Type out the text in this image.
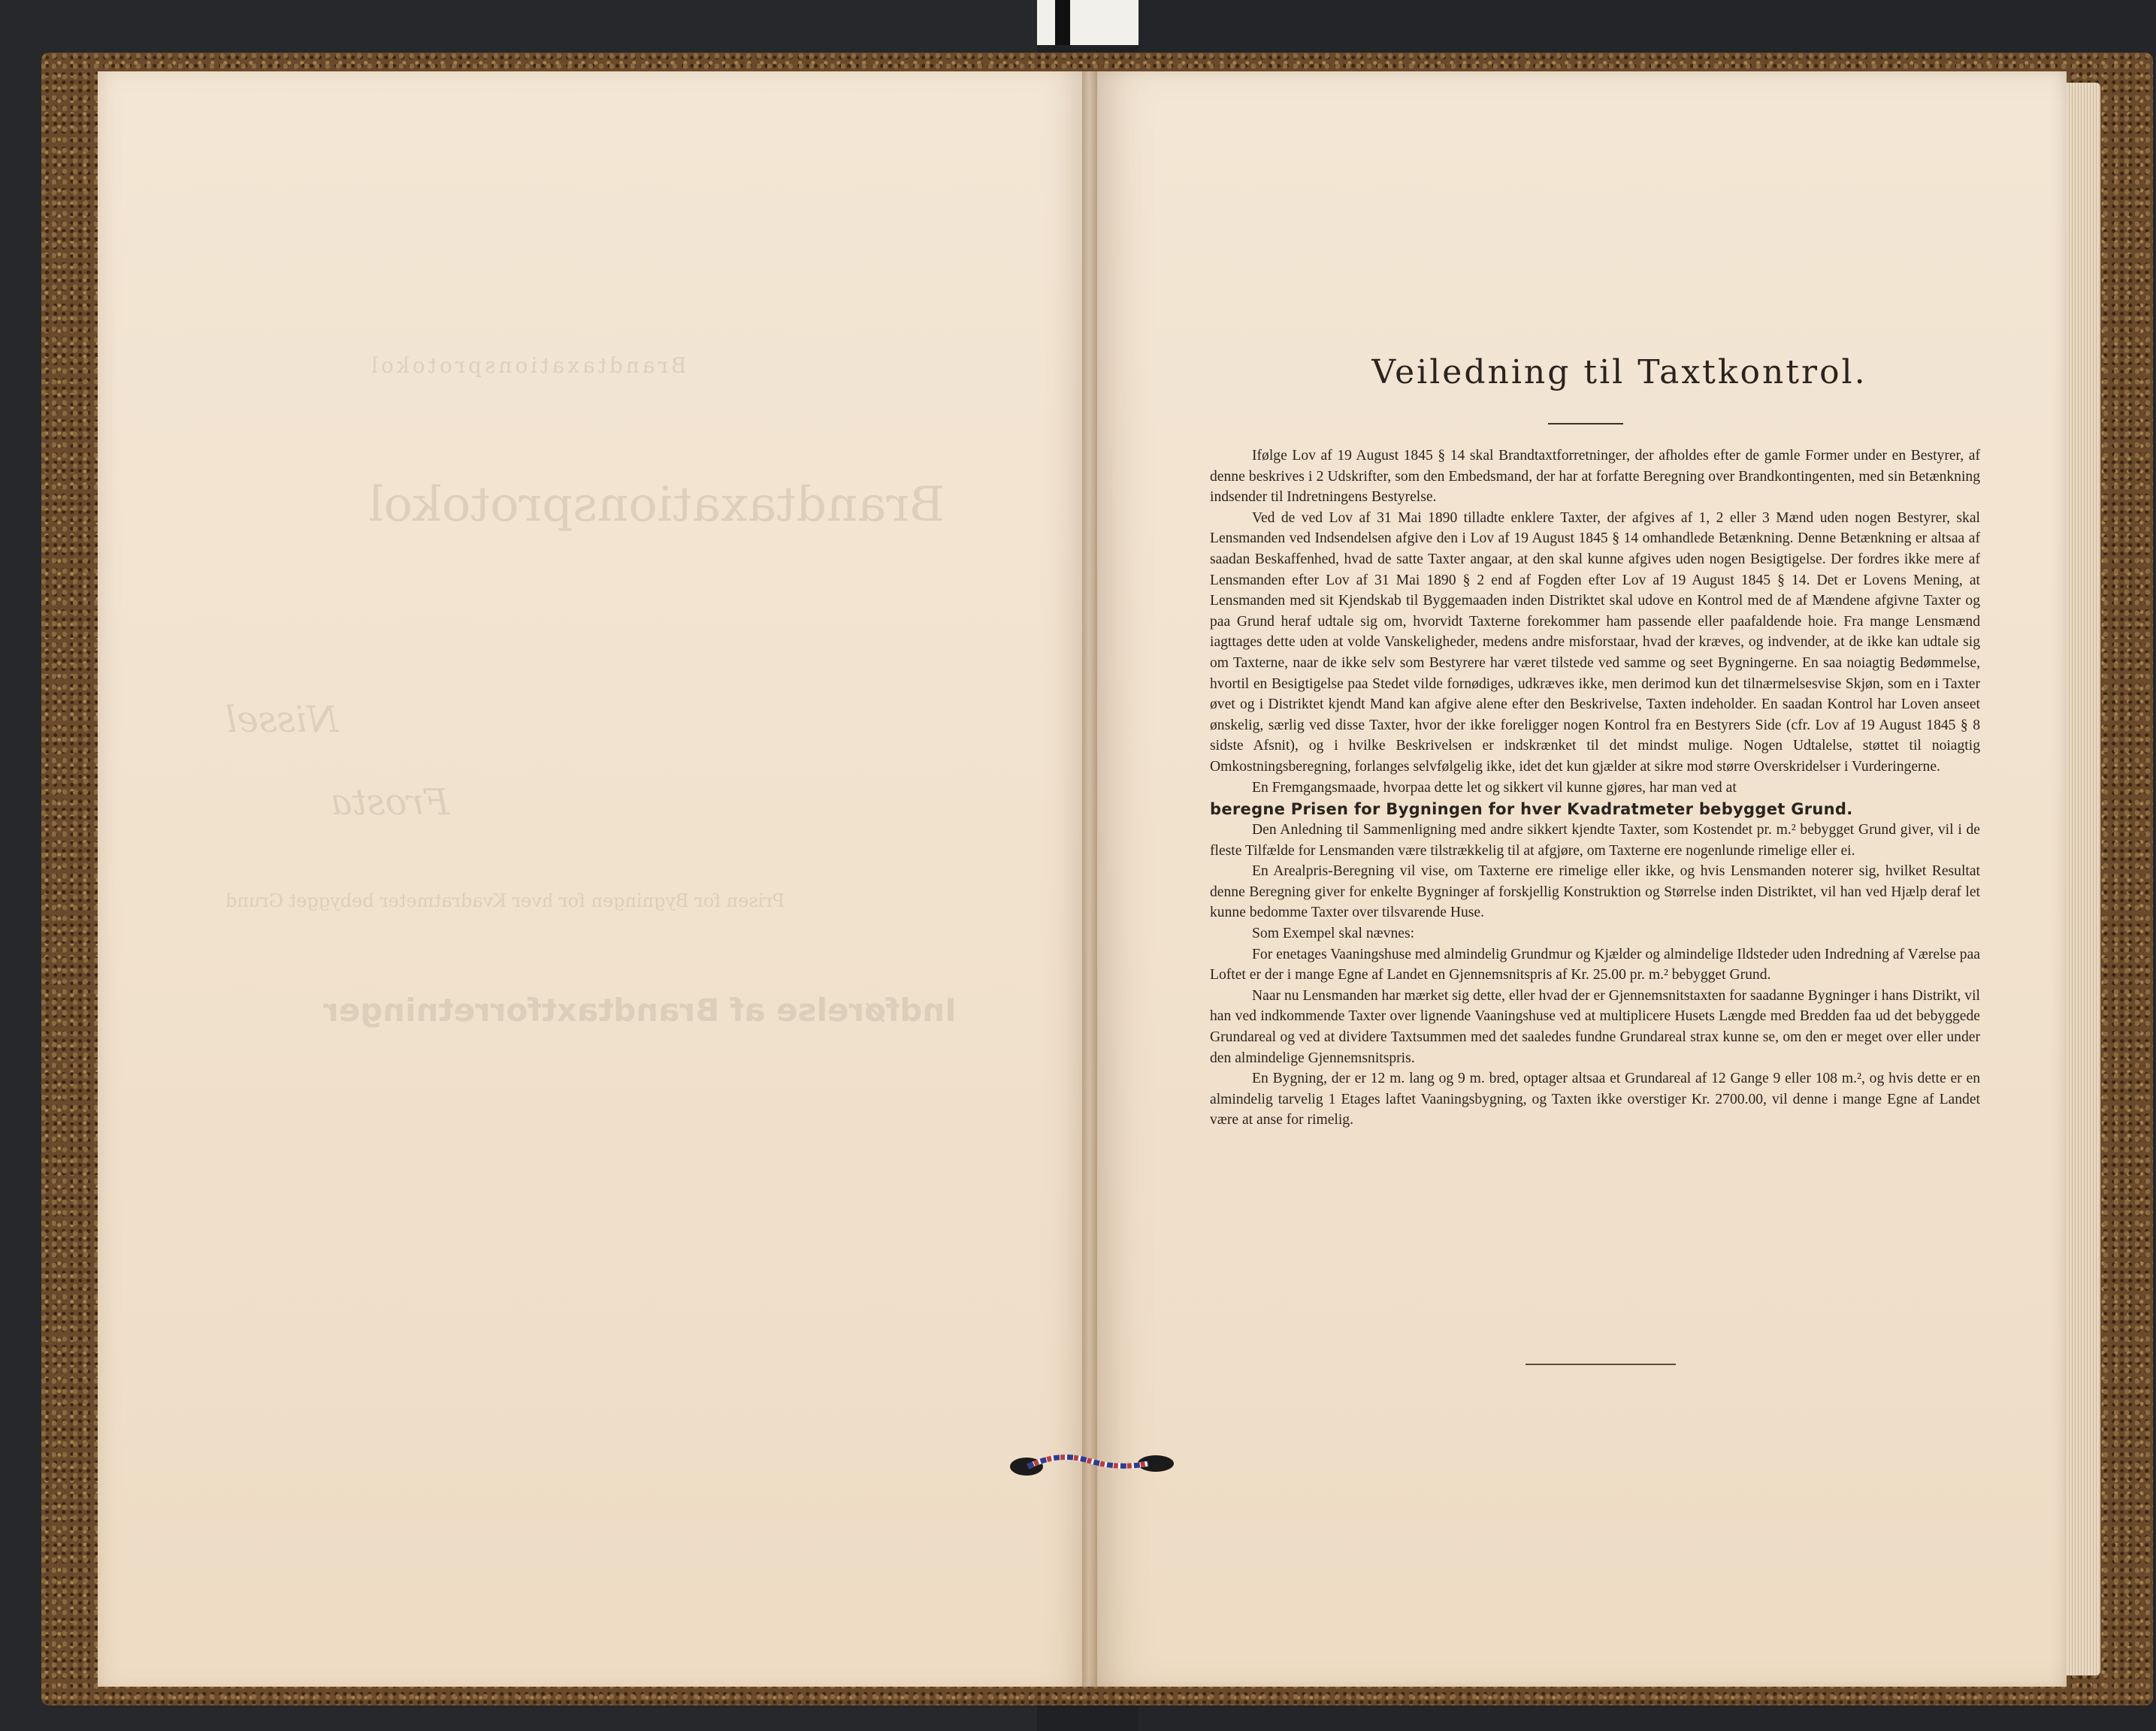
Brandtaxationsprotokol
Brandtaxationsprotokol
Nissel
Frosta
Prisen for Bygningen for hver Kvadratmeter bebygget Grund
Indførelse af Brandtaxtforretninger
Veiledning til Taxtkontrol.

Ifølge Lov af 19 August 1845 § 14 skal Brandtaxtforretninger, der afholdes efter de gamle Former under en Bestyrer, af denne beskrives i 2 Udskrifter, som den Embedsmand, der har at forfatte Beregning over Brandkontingenten, med sin Betænkning indsender til Indretningens Bestyrelse.

Ved de ved Lov af 31 Mai 1890 tilladte enklere Taxter, der afgives af 1, 2 eller 3 Mænd uden nogen Bestyrer, skal Lensmanden ved Indsendelsen afgive den i Lov af 19 August 1845 § 14 omhandlede Betænkning. Denne Betænkning er altsaa af saadan Beskaffenhed, hvad de satte Taxter angaar, at den skal kunne afgives uden nogen Besigtigelse. Der fordres ikke mere af Lensmanden efter Lov af 31 Mai 1890 § 2 end af Fogden efter Lov af 19 August 1845 § 14. Det er Lovens Mening, at Lensmanden med sit Kjendskab til Byggemaaden inden Distriktet skal udove en Kontrol med de af Mændene afgivne Taxter og paa Grund heraf udtale sig om, hvorvidt Taxterne forekommer ham passende eller paafaldende hoie. Fra mange Lensmænd iagttages dette uden at volde Vanskeligheder, medens andre misforstaar, hvad der kræves, og indvender, at de ikke kan udtale sig om Taxterne, naar de ikke selv som Bestyrere har været tilstede ved samme og seet Bygningerne. En saa noiagtig Bedømmelse, hvortil en Besigtigelse paa Stedet vilde fornødiges, udkræves ikke, men derimod kun det tilnærmelsesvise Skjøn, som en i Taxter øvet og i Distriktet kjendt Mand kan afgive alene efter den Beskrivelse, Taxten indeholder. En saadan Kontrol har Loven anseet ønskelig, særlig ved disse Taxter, hvor der ikke foreligger nogen Kontrol fra en Bestyrers Side (cfr. Lov af 19 August 1845 § 8 sidste Afsnit), og i hvilke Beskrivelsen er indskrænket til det mindst mulige. Nogen Udtalelse, støttet til noiagtig Omkostningsberegning, forlanges selvfølgelig ikke, idet det kun gjælder at sikre mod større Overskridelser i Vurderingerne.

En Fremgangsmaade, hvorpaa dette let og sikkert vil kunne gjøres, har man ved at

beregne Prisen for Bygningen for hver Kvadratmeter bebygget Grund.

Den Anledning til Sammenligning med andre sikkert kjendte Taxter, som Kostendet pr. m.² bebygget Grund giver, vil i de fleste Tilfælde for Lensmanden være tilstrækkelig til at afgjøre, om Taxterne ere nogenlunde rimelige eller ei.

En Arealpris-Beregning vil vise, om Taxterne ere rimelige eller ikke, og hvis Lensmanden noterer sig, hvilket Resultat denne Beregning giver for enkelte Bygninger af forskjellig Konstruktion og Størrelse inden Distriktet, vil han ved Hjælp deraf let kunne bedomme Taxter over tilsvarende Huse.

Som Exempel skal nævnes:

For enetages Vaaningshuse med almindelig Grundmur og Kjælder og almindelige Ildsteder uden Indredning af Værelse paa Loftet er der i mange Egne af Landet en Gjennemsnitspris af Kr. 25.00 pr. m.² bebygget Grund.

Naar nu Lensmanden har mærket sig dette, eller hvad der er Gjennemsnitstaxten for saadanne Bygninger i hans Distrikt, vil han ved indkommende Taxter over lignende Vaaningshuse ved at multiplicere Husets Længde med Bredden faa ud det bebyggede Grundareal og ved at dividere Taxtsummen med det saaledes fundne Grundareal strax kunne se, om den er meget over eller under den almindelige Gjennemsnitspris.

En Bygning, der er 12 m. lang og 9 m. bred, optager altsaa et Grundareal af 12 Gange 9 eller 108 m.², og hvis dette er en almindelig tarvelig 1 Etages laftet Vaaningsbygning, og Taxten ikke overstiger Kr. 2700.00, vil denne i mange Egne af Landet være at anse for rimelig.
